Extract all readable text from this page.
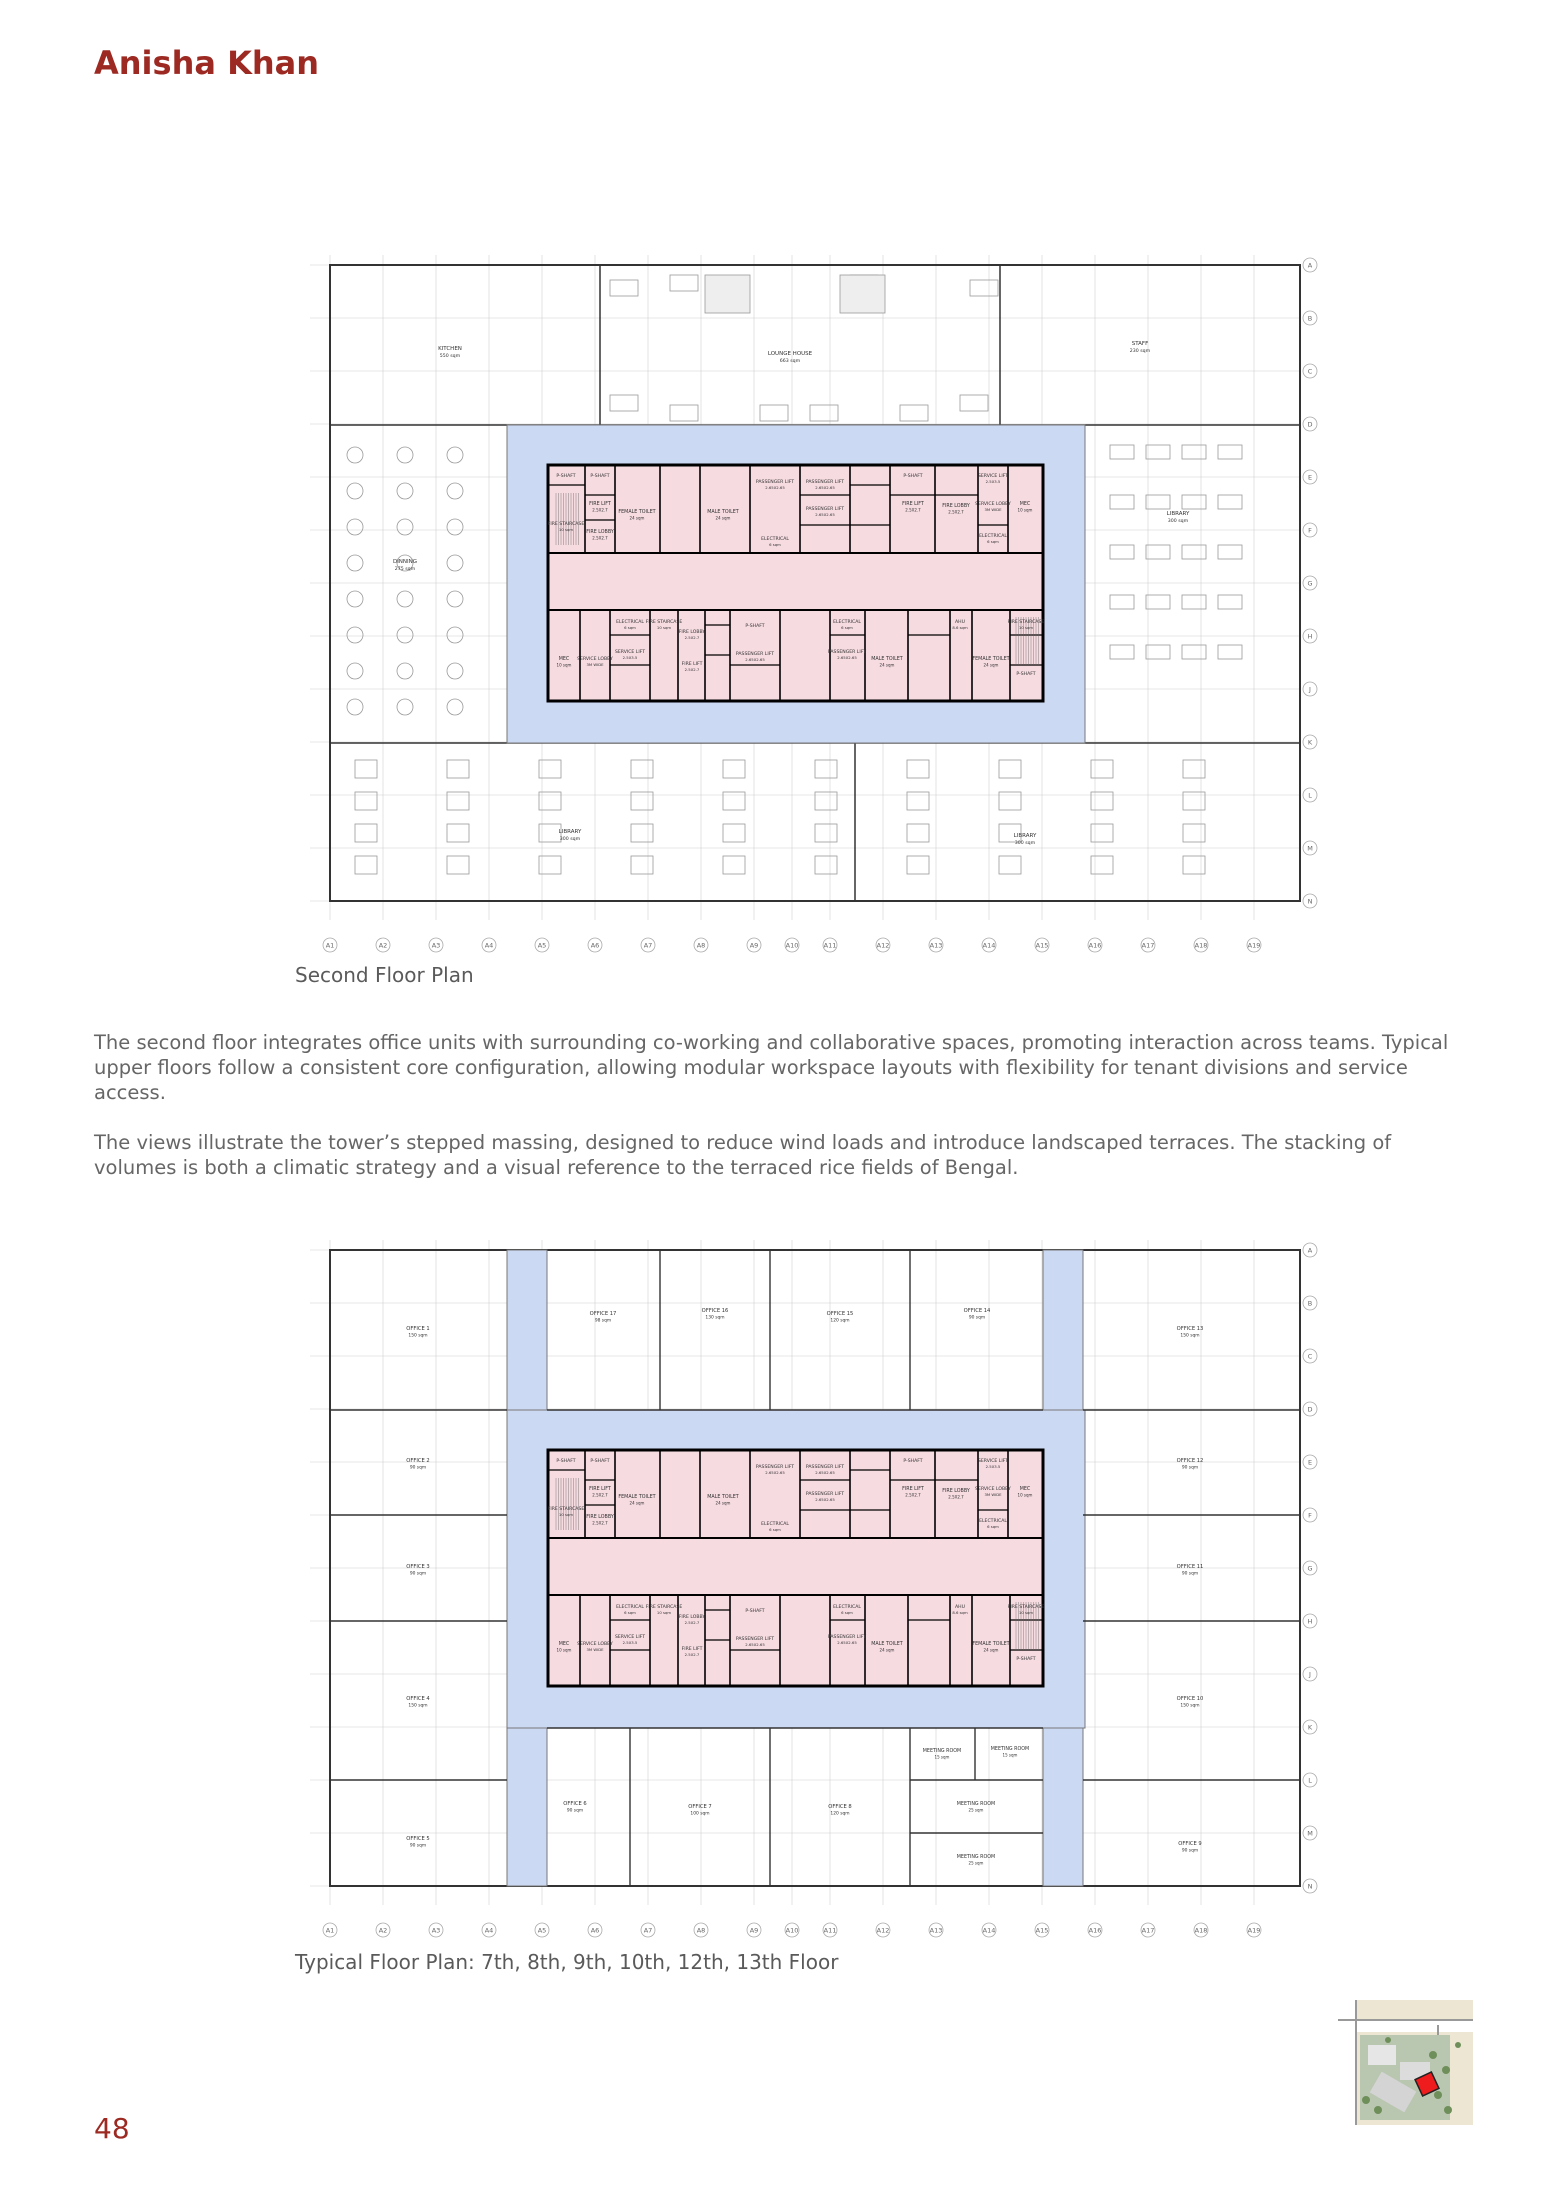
Anisha Khan
A1	A2	A3	A4	A5	A6	A7	A8	A9	A10	A11	A12	A13	A14	A15	A16	A17	A18	A19
A
B
C
D
E
F
G
H
J
K
L
M
N
P-SHAFT	P-SHAFT
FIRE LIFT
2.5X2.7
FIRE LOBBY
2.5X2.7
FIRE STAIRCASE
10 sqm
FEMALE TOILET
24 sqm
MALE TOILET
24 sqm
PASSENGER LIFT
2.65X2.65
PASSENGER LIFT
2.65X2.65
PASSENGER LIFT
2.65X2.65
ELECTRICAL
6 sqm
P-SHAFT
FIRE LIFT
2.5X2.7
FIRE LOBBY
2.5X2.7
SERVICE LIFT
2.5X3.5
SERVICE LOBBY
3M WIDE
MEC
10 sqm
ELECTRICAL
6 sqm
MEC
10 sqm
SERVICE LOBBY
3M WIDE
ELECTRICAL
6 sqm
SERVICE LIFT
2.5X3.5
FIRE STAIRCASE
10 sqm
FIRE LOBBY
2.5X2.7
FIRE LIFT
2.5X2.7
P-SHAFT
PASSENGER LIFT
2.65X2.65
ELECTRICAL
6 sqm
PASSENGER LIFT
2.65X2.65	MALE TOILET
24 sqm
AHU
8.6 sqm
FEMALE TOILET
24 sqm
FIRE STAIRCASE
10 sqm
P-SHAFT
KITCHEN
550 sqm	LOUNGE HOUSE
663 sqm
STAFF
230 sqm
DINNING
275 sqm
LIBRARY
300 sqm
LIBRARY
300 sqm
LIBRARY
300 sqm
Second Floor Plan
The second floor integrates office units with surrounding co-working and collaborative spaces, promoting interaction across teams. Typical upper floors follow a consistent core configuration, allowing modular workspace layouts with flexibility for tenant divisions and service access.
The views illustrate the tower’s stepped massing, designed to reduce wind loads and introduce landscaped terraces. The stacking of volumes is both a climatic strategy and a visual reference to the terraced rice fields of Bengal.
A1	A2	A3	A4	A5	A6	A7	A8	A9	A10	A11	A12	A13	A14	A15	A16	A17	A18	A19
A
B
C
D
E
F
G
H
J
K
L
M
N
P-SHAFT	P-SHAFT
FIRE LIFT
2.5X2.7
FIRE LOBBY
2.5X2.7
FIRE STAIRCASE
10 sqm
FEMALE TOILET
24 sqm
MALE TOILET
24 sqm
PASSENGER LIFT
2.65X2.65
PASSENGER LIFT
2.65X2.65
PASSENGER LIFT
2.65X2.65
ELECTRICAL
6 sqm
P-SHAFT
FIRE LIFT
2.5X2.7
FIRE LOBBY
2.5X2.7
SERVICE LIFT
2.5X3.5
SERVICE LOBBY
3M WIDE
MEC
10 sqm
ELECTRICAL
6 sqm
MEC
10 sqm
SERVICE LOBBY
3M WIDE
ELECTRICAL
6 sqm
SERVICE LIFT
2.5X3.5
FIRE STAIRCASE
10 sqm
FIRE LOBBY
2.5X2.7
FIRE LIFT
2.5X2.7
P-SHAFT
PASSENGER LIFT
2.65X2.65
ELECTRICAL
6 sqm
PASSENGER LIFT
2.65X2.65	MALE TOILET
24 sqm
AHU
8.6 sqm
FEMALE TOILET
24 sqm
FIRE STAIRCASE
10 sqm
P-SHAFT
OFFICE 1
150 sqm
OFFICE 17
98 sqm
OFFICE 16
130 sqm
OFFICE 15
120 sqm
OFFICE 14
90 sqm
OFFICE 13
150 sqm
OFFICE 2
90 sqm
OFFICE 12
90 sqm
OFFICE 3
90 sqm
OFFICE 11
90 sqm
OFFICE 4
150 sqm
OFFICE 10
150 sqm
OFFICE 6
90 sqm
OFFICE 7
100 sqm
OFFICE 8
120 sqm
OFFICE 5
90 sqm	OFFICE 9
90 sqm
MEETING ROOM
15 sqm
MEETING ROOM
15 sqm
MEETING ROOM
25 sqm
MEETING ROOM
25 sqm
Typical Floor Plan: 7th, 8th, 9th, 10th, 12th, 13th Floor
48
